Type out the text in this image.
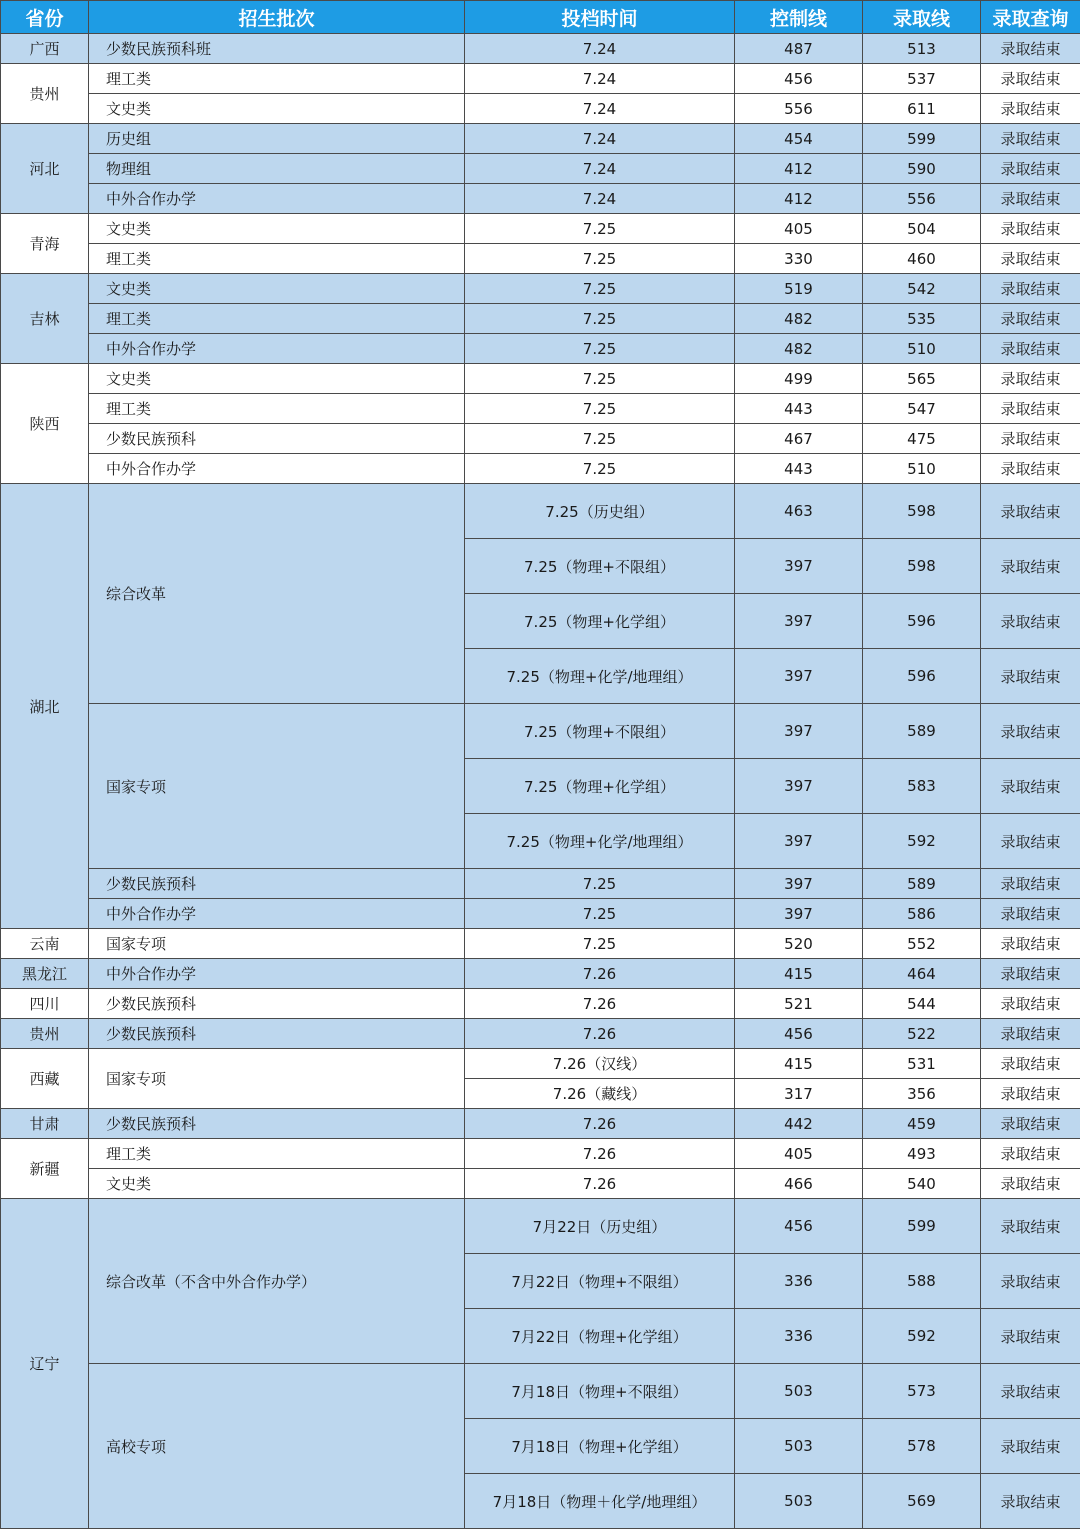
省份	招生批次	投档时间	控制线	录取线	录取查询
广西	少数民族预科班	7.24	487	513	录取结束
贵州	理工类	7.24	456	537	录取结束
	文史类	7.24	556	611	录取结束
河北	历史组	7.24	454	599	录取结束
	物理组	7.24	412	590	录取结束
	中外合作办学	7.24	412	556	录取结束
青海	文史类	7.25	405	504	录取结束
	理工类	7.25	330	460	录取结束
吉林	文史类	7.25	519	542	录取结束
	理工类	7.25	482	535	录取结束
	中外合作办学	7.25	482	510	录取结束
陕西	文史类	7.25	499	565	录取结束
	理工类	7.25	443	547	录取结束
	少数民族预科	7.25	467	475	录取结束
	中外合作办学	7.25	443	510	录取结束
湖北	综合改革	7.25（历史组）	463	598	录取结束
		7.25（物理+不限组）	397	598	录取结束
		7.25（物理+化学组）	397	596	录取结束
		7.25（物理+化学/地理组）	397	596	录取结束
	国家专项	7.25（物理+不限组）	397	589	录取结束
		7.25（物理+化学组）	397	583	录取结束
		7.25（物理+化学/地理组）	397	592	录取结束
	少数民族预科	7.25	397	589	录取结束
	中外合作办学	7.25	397	586	录取结束
云南	国家专项	7.25	520	552	录取结束
黑龙江	中外合作办学	7.26	415	464	录取结束
四川	少数民族预科	7.26	521	544	录取结束
贵州	少数民族预科	7.26	456	522	录取结束
西藏	国家专项	7.26（汉线）	415	531	录取结束
		7.26（藏线）	317	356	录取结束
甘肃	少数民族预科	7.26	442	459	录取结束
新疆	理工类	7.26	405	493	录取结束
	文史类	7.26	466	540	录取结束
辽宁	综合改革（不含中外合作办学）	7月22日（历史组）	456	599	录取结束
		7月22日（物理+不限组）	336	588	录取结束
		7月22日（物理+化学组）	336	592	录取结束
	高校专项	7月18日（物理+不限组）	503	573	录取结束
		7月18日（物理+化学组）	503	578	录取结束
		7月18日（物理＋化学/地理组）	503	569	录取结束
